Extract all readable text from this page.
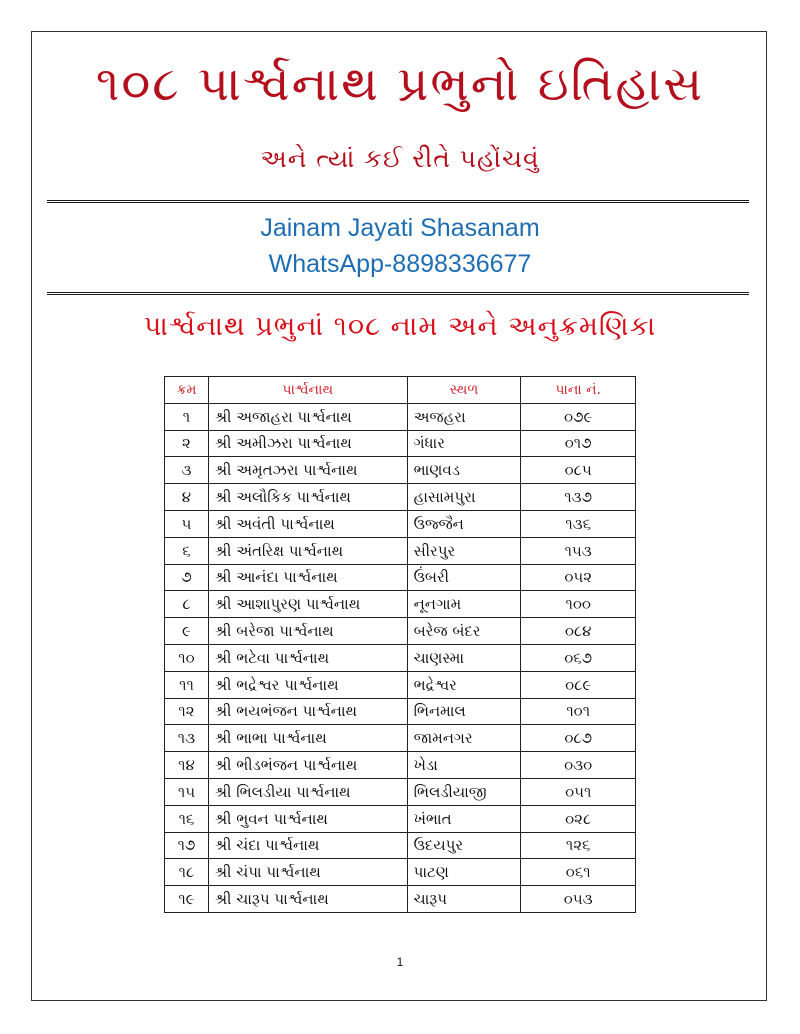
૧૦૮ પાર્શ્વનાથ પ્રભુનો ઇતિહાસ
અને ત્યાં કઈ રીતે પહોંચવું
Jainam Jayati Shasanam
WhatsApp-8898336677
પાર્શ્વનાથ પ્રભુનાં ૧૦૮ નામ અને અનુક્રમણિકા
ક્રમ	પાર્શ્વનાથ	સ્થળ	પાના નં.
૧	શ્રી અજાહરા પાર્શ્વનાથ	અજહરા	૦૭૯
૨	શ્રી અમીઝરા પાર્શ્વનાથ	ગંધાર	૦૧૭
૩	શ્રી અમૃતઝરા પાર્શ્વનાથ	ભાણવડ	૦૮૫
૪	શ્રી અલૌકિક પાર્શ્વનાથ	હાસામપુરા	૧૩૭
૫	શ્રી અવંતી પાર્શ્વનાથ	ઉજ્જૈન	૧૩૬
૬	શ્રી અંતરિક્ષ પાર્શ્વનાથ	સીરપુર	૧૫૩
૭	શ્રી આનંદા પાર્શ્વનાથ	ઉંબરી	૦૫૨
૮	શ્રી આશાપુરણ પાર્શ્વનાથ	નૂનગામ	૧૦૦
૯	શ્રી બરેજા પાર્શ્વનાથ	બરેજ બંદર	૦૮૪
૧૦	શ્રી ભટેવા પાર્શ્વનાથ	ચાણસ્મા	૦૬૭
૧૧	શ્રી ભદ્રેશ્વર પાર્શ્વનાથ	ભદ્રેશ્વર	૦૮૯
૧૨	શ્રી ભયભંજન પાર્શ્વનાથ	ભિનમાલ	૧૦૧
૧૩	શ્રી ભાભા પાર્શ્વનાથ	જામનગર	૦૮૭
૧૪	શ્રી ભીડભંજન પાર્શ્વનાથ	ખેડા	૦૩૦
૧૫	શ્રી ભિલડીયા પાર્શ્વનાથ	ભિલડીયાજી	૦૫૧
૧૬	શ્રી ભુવન પાર્શ્વનાથ	ખંભાત	૦૨૮
૧૭	શ્રી ચંદા પાર્શ્વનાથ	ઉદયપુર	૧૨૬
૧૮	શ્રી ચંપા પાર્શ્વનાથ	પાટણ	૦૬૧
૧૯	શ્રી ચારૂપ પાર્શ્વનાથ	ચારૂપ	૦૫૩
1
